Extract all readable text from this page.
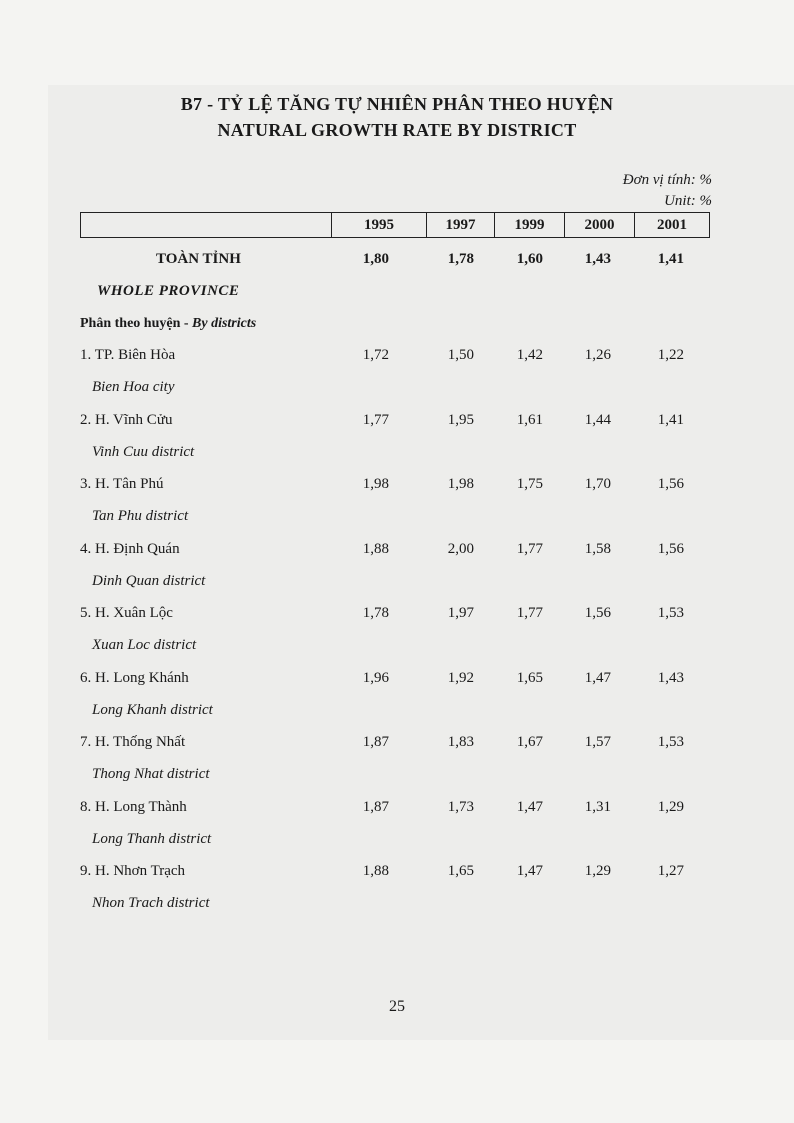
B7 - TỶ LỆ TĂNG TỰ NHIÊN PHÂN THEO HUYỆN
NATURAL GROWTH RATE BY DISTRICT
Đơn vị tính: %
Unit: %
1995	1997	1999	2000	2001
TOÀN TỈNH
WHOLE PROVINCE
1,80	1,78	1,60	1,43	1,41
Phân theo huyện - By districts
1. TP. Biên Hòa
Bien Hoa city
1,72	1,50	1,42	1,26	1,22
2. H. Vĩnh Cửu
Vinh Cuu district
1,77	1,95	1,61	1,44	1,41
3. H. Tân Phú
Tan Phu district
1,98	1,98	1,75	1,70	1,56
4. H. Định Quán
Dinh Quan district
1,88	2,00	1,77	1,58	1,56
5. H. Xuân Lộc
Xuan Loc district
1,78	1,97	1,77	1,56	1,53
6. H. Long Khánh
Long Khanh district
1,96	1,92	1,65	1,47	1,43
7. H. Thống Nhất
Thong Nhat district
1,87	1,83	1,67	1,57	1,53
8. H. Long Thành
Long Thanh district
1,87	1,73	1,47	1,31	1,29
9. H. Nhơn Trạch
Nhon Trach district
1,88	1,65	1,47	1,29	1,27
25
